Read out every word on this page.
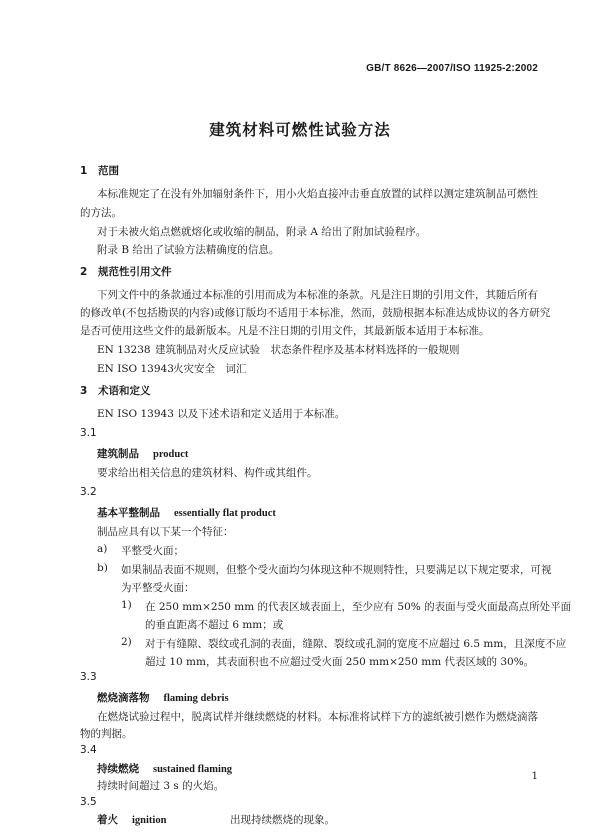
GB/T 8626—2007/ISO 11925-2:2002
建筑材料可燃性试验方法
1 范围
本标准规定了在没有外加辐射条件下，用小火焰直接冲击垂直放置的试样以测定建筑制品可燃性
的方法。
对于未被火焰点燃就熔化或收缩的制品，附录 A 给出了附加试验程序。
附录 B 给出了试验方法精确度的信息。
2 规范性引用文件
下列文件中的条款通过本标准的引用而成为本标准的条款。凡是注日期的引用文件，其随后所有
的修改单(不包括勘误的内容)或修订版均不适用于本标准，然而，鼓励根据本标准达成协议的各方研究
是否可使用这些文件的最新版本。凡是不注日期的引用文件，其最新版本适用于本标准。
EN 13238 建筑制品对火反应试验　状态条件程序及基本材料选择的一般规则
EN ISO 13943火灾安全　词汇
3 术语和定义
EN ISO 13943 以及下述术语和定义适用于本标准。
3.1
建筑制品 product
要求给出相关信息的建筑材料、构件或其组件。
3.2
基本平整制品 essentially flat product
制品应具有以下某一个特征：
a) 平整受火面；
b) 如果制品表面不规则，但整个受火面均匀体现这种不规则特性，只要满足以下规定要求，可视
为平整受火面：
1) 在 250 mm×250 mm 的代表区域表面上，至少应有 50% 的表面与受火面最高点所处平面
的垂直距离不超过 6 mm；或
2) 对于有缝隙、裂纹或孔洞的表面，缝隙、裂纹或孔洞的宽度不应超过 6.5 mm，且深度不应
超过 10 mm，其表面积也不应超过受火面 250 mm×250 mm 代表区域的 30%。
3.3
燃烧滴落物 flaming debris
在燃烧试验过程中，脱离试样并继续燃烧的材料。本标准将试样下方的滤纸被引燃作为燃烧滴落
物的判据。
3.4
持续燃烧 sustained flaming
持续时间超过 3 s 的火焰。
1
3.5
着火 ignition	出现持续燃烧的现象。
